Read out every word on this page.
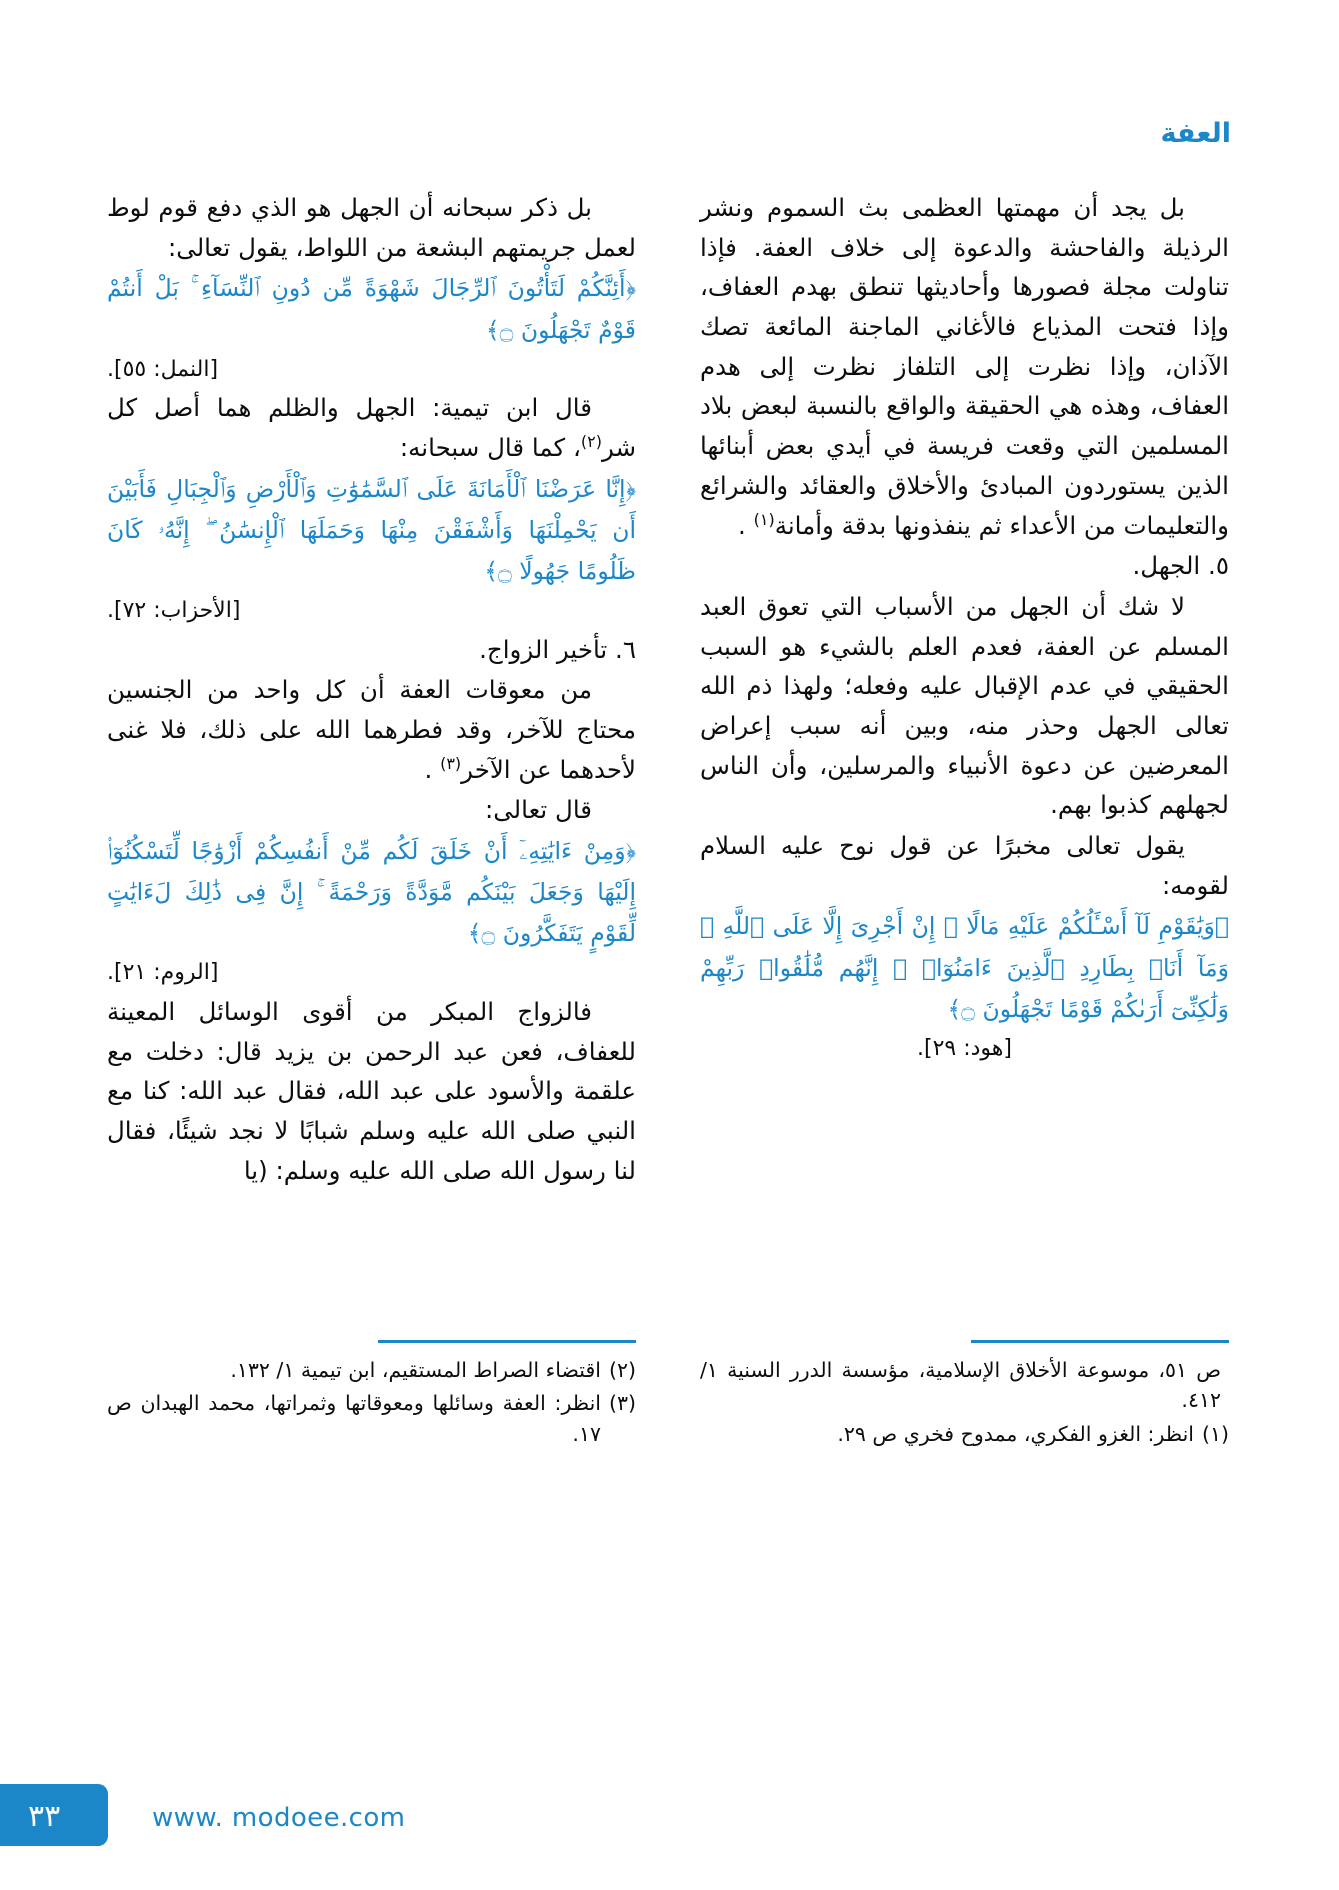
العفة

بل يجد أن مهمتها العظمى بث السموم ونشر الرذيلة والفاحشة والدعوة إلى خلاف العفة. فإذا تناولت مجلة فصورها وأحاديثها تنطق بهدم العفاف، وإذا فتحت المذياع فالأغاني الماجنة المائعة تصك الآذان، وإذا نظرت إلى التلفاز نظرت إلى هدم العفاف، وهذه هي الحقيقة والواقع بالنسبة لبعض بلاد المسلمين التي وقعت فريسة في أيدي بعض أبنائها الذين يستوردون المبادئ والأخلاق والعقائد والشرائع والتعليمات من الأعداء ثم ينفذونها بدقة وأمانة$^{(١)}$ .

٥. الجهل.

لا شك أن الجهل من الأسباب التي تعوق العبد المسلم عن العفة، فعدم العلم بالشيء هو السبب الحقيقي في عدم الإقبال عليه وفعله؛ ولهذا ذم الله تعالى الجهل وحذر منه، وبين أنه سبب إعراض المعرضين عن دعوة الأنبياء والمرسلين، وأن الناس لجهلهم كذبوا بهم.

يقول تعالى مخبرًا عن قول نوح عليه السلام لقومه:

﴿وَيَٰقَوْمِ لَآ أَسْـَٔلُكُمْ عَلَيْهِ مَالًا ۖ إِنْ أَجْرِىَ إِلَّا عَلَى ٱللَّهِ ۚ وَمَآ أَنَا۠ بِطَارِدِ ٱلَّذِينَ ءَامَنُوٓا۟ ۚ إِنَّهُم مُّلَٰقُوا۟ رَبِّهِمْ وَلَٰكِنِّىٓ أَرَىٰكُمْ قَوْمًا تَجْهَلُونَ ۝﴾

[هود: ٢٩].

بل ذكر سبحانه أن الجهل هو الذي دفع قوم لوط لعمل جريمتهم البشعة من اللواط، يقول تعالى:

﴿أَئِنَّكُمْ لَتَأْتُونَ ٱلرِّجَالَ شَهْوَةً مِّن دُونِ ٱلنِّسَآءِ ۚ بَلْ أَنتُمْ قَوْمٌ تَجْهَلُونَ ۝﴾

[النمل: ٥٥].

قال ابن تيمية: الجهل والظلم هما أصل كل شر$^{(٢)}$، كما قال سبحانه:

﴿إِنَّا عَرَضْنَا ٱلْأَمَانَةَ عَلَى ٱلسَّمَٰوَٰتِ وَٱلْأَرْضِ وَٱلْجِبَالِ فَأَبَيْنَ أَن يَحْمِلْنَهَا وَأَشْفَقْنَ مِنْهَا وَحَمَلَهَا ٱلْإِنسَٰنُ ۖ إِنَّهُۥ كَانَ ظَلُومًا جَهُولًا ۝﴾

[الأحزاب: ٧٢].

٦. تأخير الزواج.

من معوقات العفة أن كل واحد من الجنسين محتاج للآخر، وقد فطرهما الله على ذلك، فلا غنى لأحدهما عن الآخر$^{(٣)}$ .

قال تعالى:

﴿وَمِنْ ءَايَٰتِهِۦٓ أَنْ خَلَقَ لَكُم مِّنْ أَنفُسِكُمْ أَزْوَٰجًا لِّتَسْكُنُوٓا۟ إِلَيْهَا وَجَعَلَ بَيْنَكُم مَّوَدَّةً وَرَحْمَةً ۚ إِنَّ فِى ذَٰلِكَ لَءَايَٰتٍ لِّقَوْمٍ يَتَفَكَّرُونَ ۝﴾

[الروم: ٢١].

فالزواج المبكر من أقوى الوسائل المعينة للعفاف، فعن عبد الرحمن بن يزيد قال: دخلت مع علقمة والأسود على عبد الله، فقال عبد الله: كنا مع النبي صلى الله عليه وسلم شبابًا لا نجد شيئًا، فقال لنا رسول الله صلى الله عليه وسلم: (يا

ص ٥١، موسوعة الأخلاق الإسلامية، مؤسسة الدرر السنية ١/ ٤١٢.
(١)
انظر: الغزو الفكري، ممدوح فخري ص ٢٩.
(٢)
اقتضاء الصراط المستقيم، ابن تيمية ١/ ١٣٢.
(٣)
انظر: العفة وسائلها ومعوقاتها وثمراتها، محمد الهبدان ص ١٧.
٣٣	www. modoee.com
